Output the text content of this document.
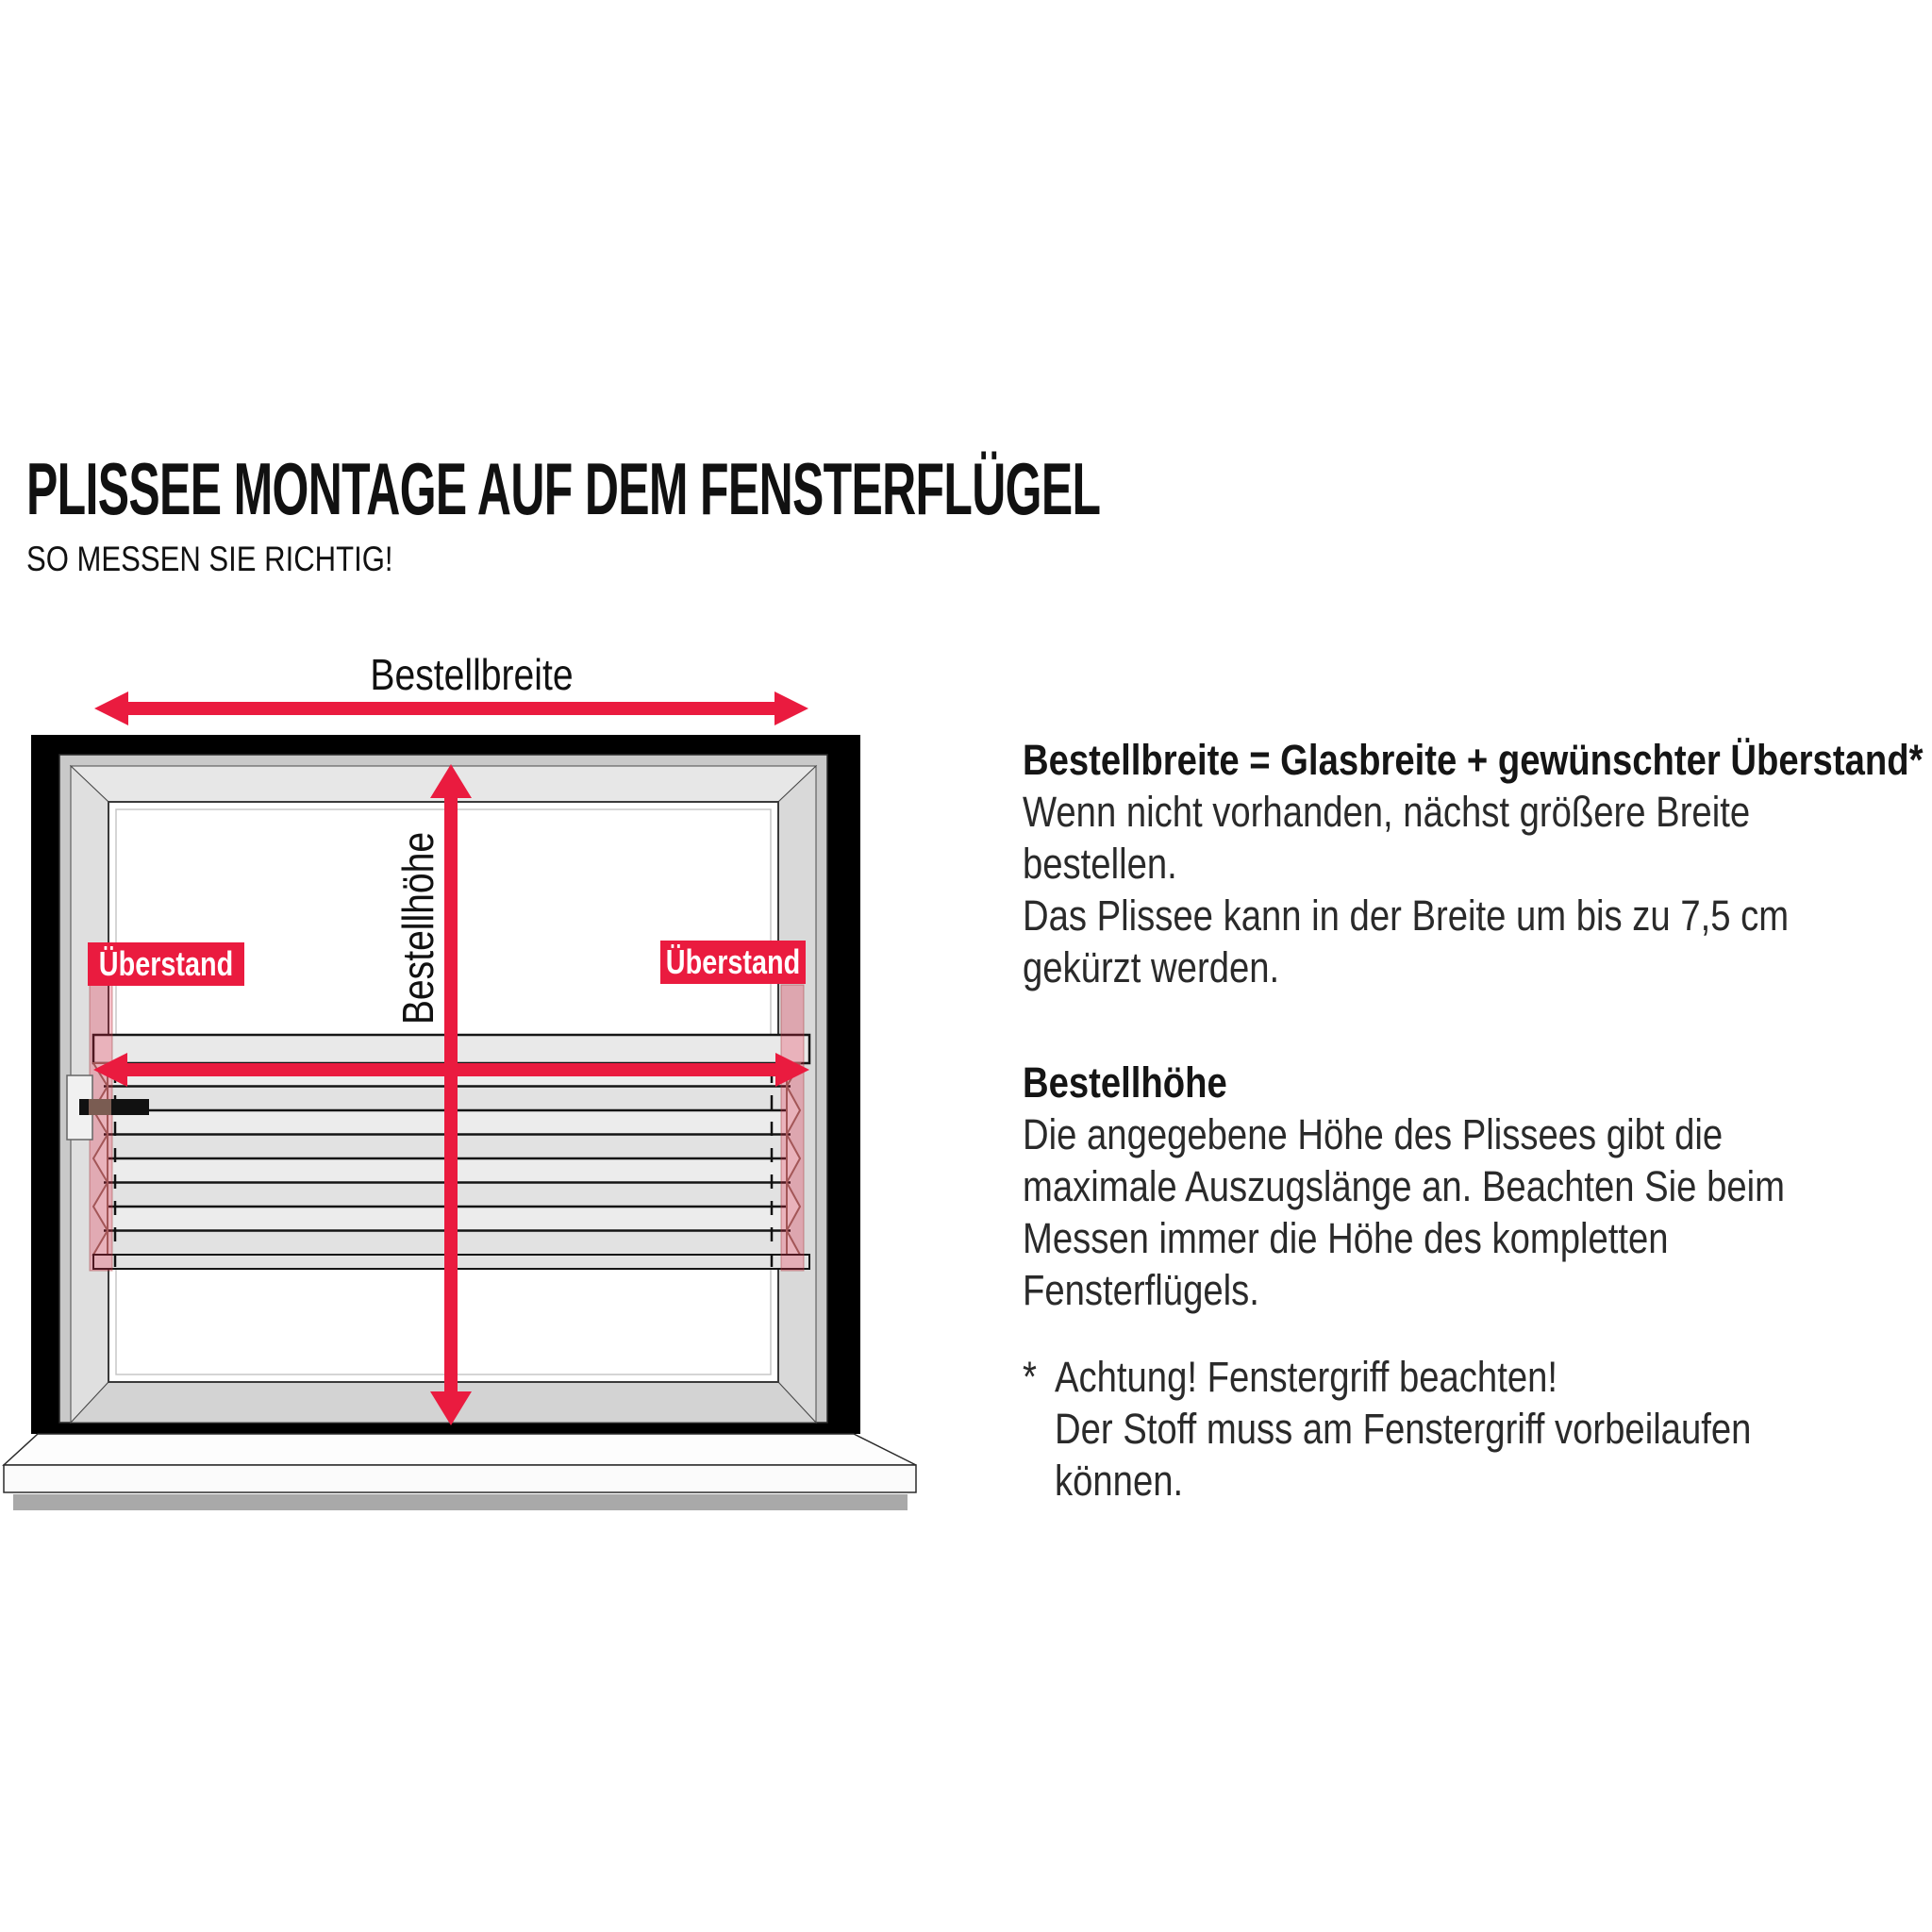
PLISSEE MONTAGE AUF DEM FENSTERFLÜGEL
SO MESSEN SIE RICHTIG!
Bestellbreite
Bestellhöhe
Überstand	Überstand
Bestellbreite = Glasbreite + gewünschter Überstand*
Wenn nicht vorhanden, nächst größere Breite
bestellen.
Das Plissee kann in der Breite um bis zu 7,5 cm
gekürzt werden.
Bestellhöhe
Die angegebene Höhe des Plissees gibt die
maximale Auszugslänge an. Beachten Sie beim
Messen immer die Höhe des kompletten
Fensterflügels.
* Achtung! Fenstergriff beachten!
Der Stoff muss am Fenstergriff vorbeilaufen
können.
